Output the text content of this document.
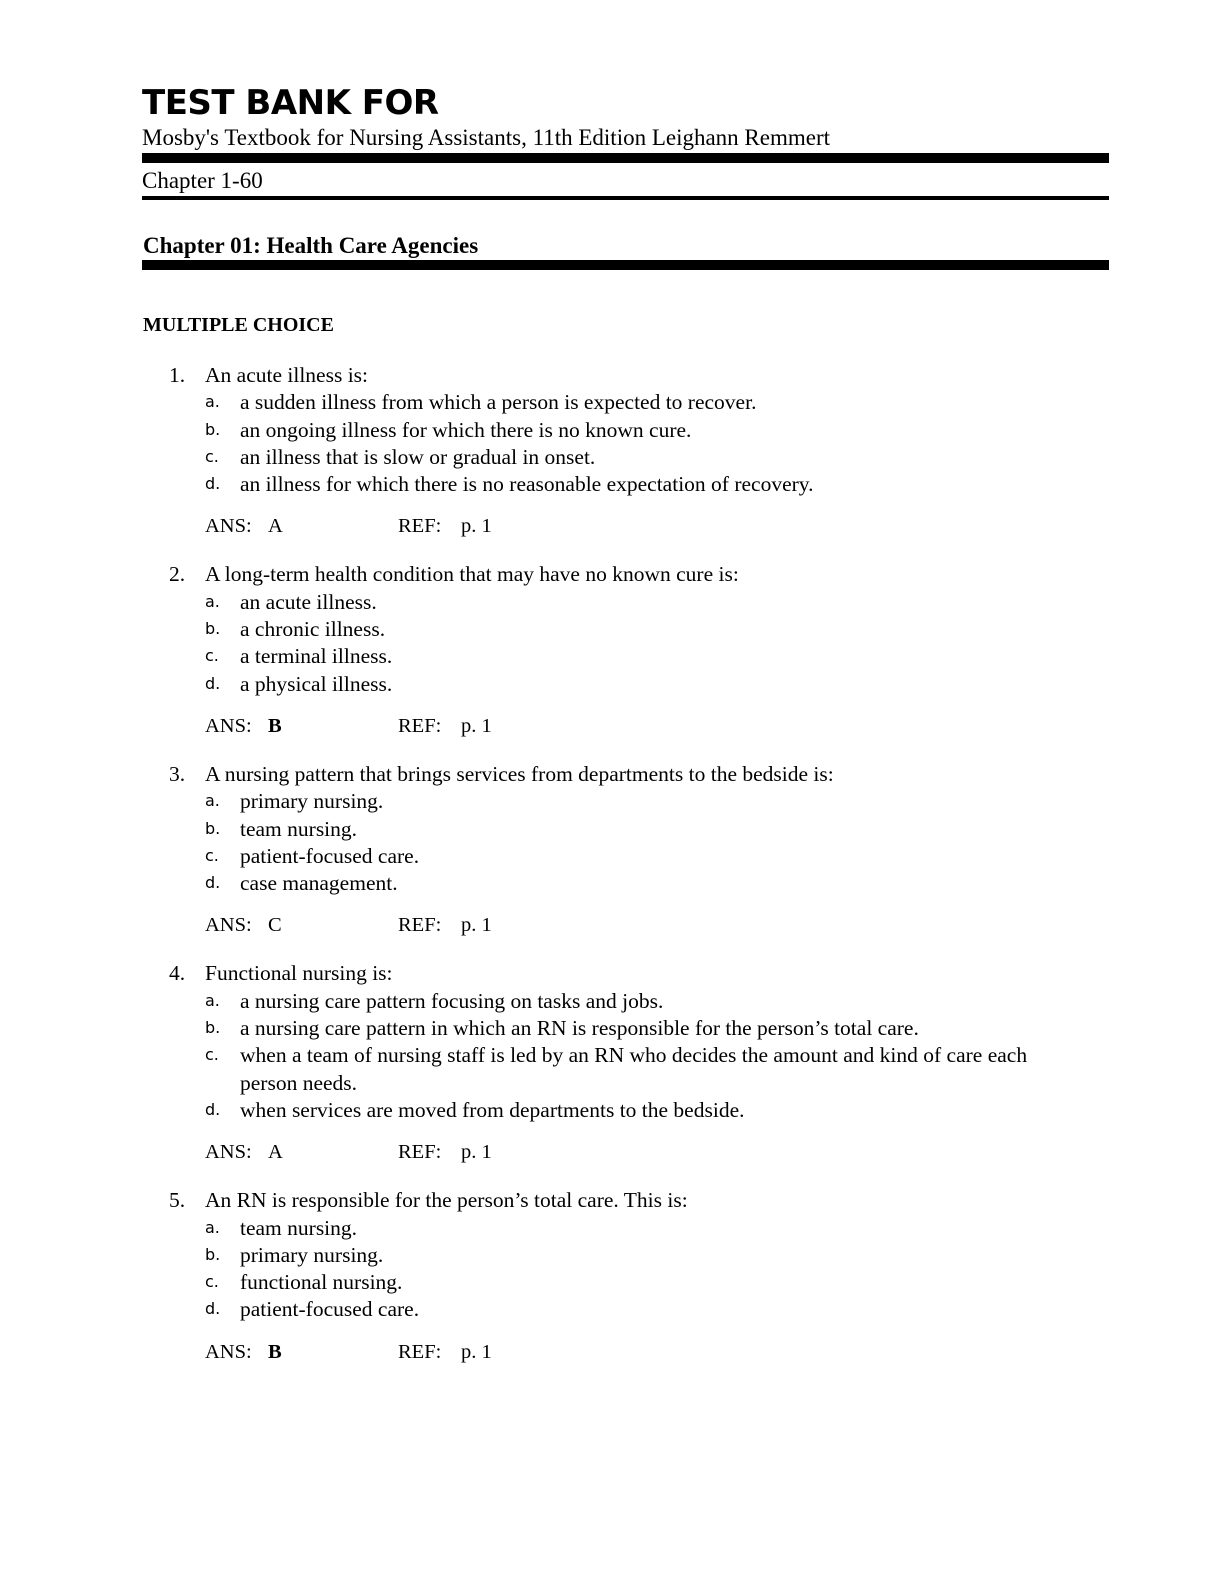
TEST BANK FOR
Mosby's Textbook for Nursing Assistants, 11th Edition Leighann Remmert
Chapter 1-60
Chapter 01: Health Care Agencies
MULTIPLE CHOICE
1. An acute illness is:
a. a sudden illness from which a person is expected to recover.
b. an ongoing illness for which there is no known cure.
c. an illness that is slow or gradual in onset.
d. an illness for which there is no reasonable expectation of recovery.
ANS: A	REF: p. 1
2. A long-term health condition that may have no known cure is:
a. an acute illness.
b. a chronic illness.
c. a terminal illness.
d. a physical illness.
ANS: B	REF: p. 1
3. A nursing pattern that brings services from departments to the bedside is:
a. primary nursing.
b. team nursing.
c. patient-focused care.
d. case management.
ANS: C	REF: p. 1
4. Functional nursing is:
a. a nursing care pattern focusing on tasks and jobs.
b. a nursing care pattern in which an RN is responsible for the person’s total care.
c. when a team of nursing staff is led by an RN who decides the amount and kind of care each person needs.
d. when services are moved from departments to the bedside.
ANS: A	REF: p. 1
5. An RN is responsible for the person’s total care. This is:
a. team nursing.
b. primary nursing.
c. functional nursing.
d. patient-focused care.
ANS: B	REF: p. 1
